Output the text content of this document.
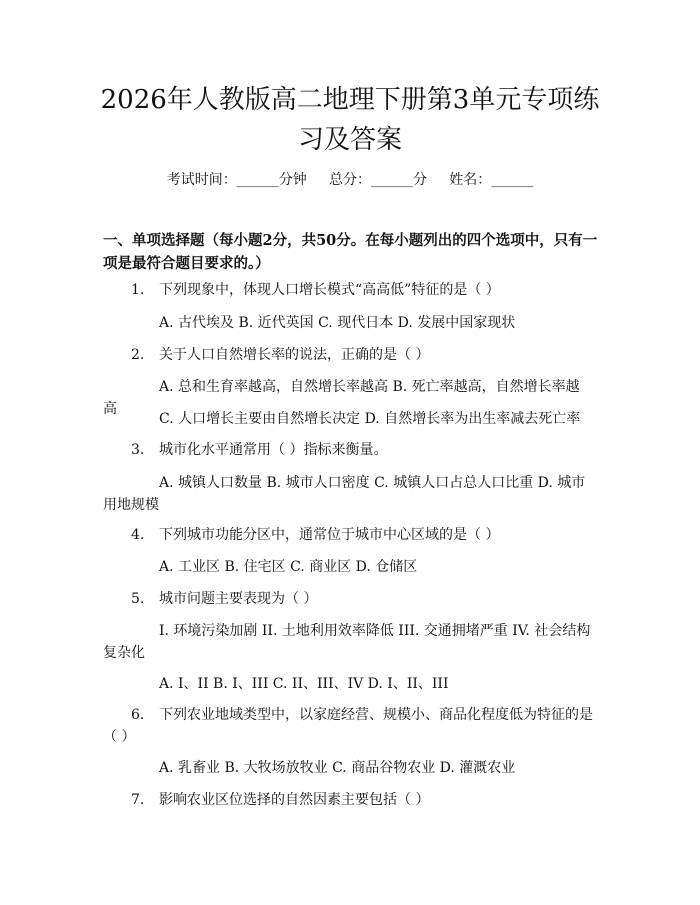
2026年人教版高二地理下册第3单元专项练习及答案
考试时间：______分钟     总分：______分     姓名：______
一、单项选择题（每小题2分，共50分。在每小题列出的四个选项中，只有一项是最符合题目要求的。）
1.	下列现象中，体现人口增长模式“高高低”特征的是（ ）
A. 古代埃及 B. 近代英国 C. 现代日本 D. 发展中国家现状
2.	关于人口自然增长率的说法，正确的是（ ）
A. 总和生育率越高，自然增长率越高 B. 死亡率越高，自然增长率越高
C. 人口增长主要由自然增长决定 D. 自然增长率为出生率减去死亡率
3.	城市化水平通常用（ ）指标来衡量。
A. 城镇人口数量 B. 城市人口密度 C. 城镇人口占总人口比重 D. 城市用地规模
4.	下列城市功能分区中，通常位于城市中心区域的是（ ）
A. 工业区 B. 住宅区 C. 商业区 D. 仓储区
5.	城市问题主要表现为（ ）
I. 环境污染加剧 II. 土地利用效率降低 III. 交通拥堵严重 IV. 社会结构复杂化
A. I、II B. I、III C. II、III、IV D. I、II、III
6.	下列农业地域类型中，以家庭经营、规模小、商品化程度低为特征的是（ ）
A. 乳畜业 B. 大牧场放牧业 C. 商品谷物农业 D. 灌溉农业
7.	影响农业区位选择的自然因素主要包括（ ）
